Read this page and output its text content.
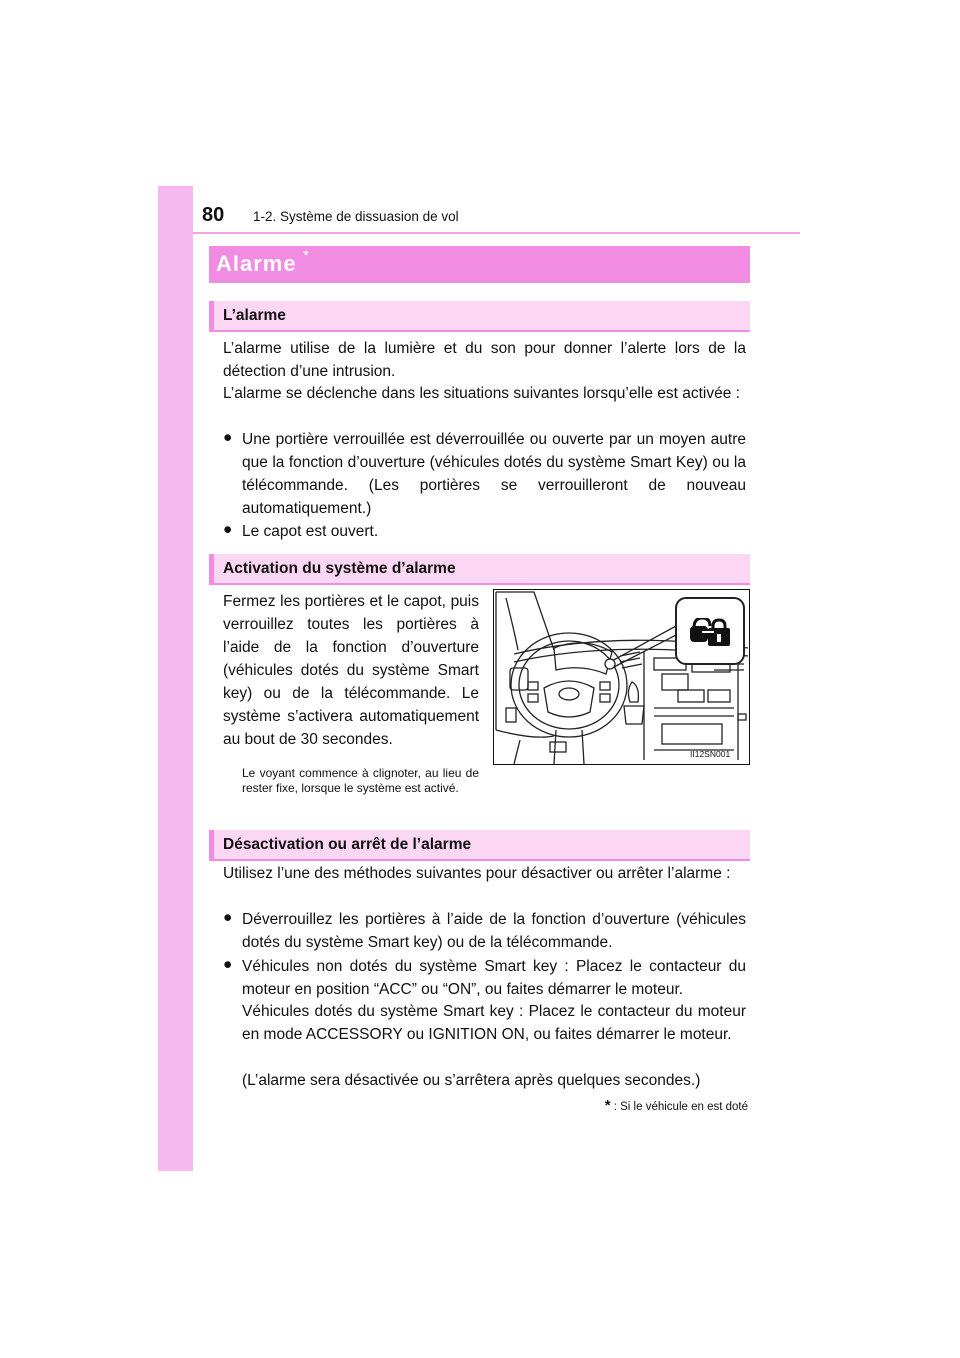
80 1-2. Système de dissuasion de vol
Alarme *
L’alarme

L’alarme utilise de la lumière et du son pour donner l’alerte lors de la détection d’une intrusion.

L’alarme se déclenche dans les situations suivantes lorsqu’elle est activée :

● Une portière verrouillée est déverrouillée ou ouverte par un moyen autre que la fonction d’ouverture (véhicules dotés du système Smart Key) ou la télécommande. (Les portières se verrouilleront de nouveau automatiquement.)

● Le capot est ouvert.

Activation du système d’alarme

Fermez les portières et le capot, puis verrouillez toutes les portières à l’aide de la fonction d’ouverture (véhicules dotés du système Smart key) ou de la télécommande. Le système s’activera automatiquement au bout de 30 secondes.

Le voyant commence à clignoter, au lieu de rester fixe, lorsque le système est activé.

II12SN001
Désactivation ou arrêt de l’alarme

Utilisez l’une des méthodes suivantes pour désactiver ou arrêter l’alarme :

● Déverrouillez les portières à l’aide de la fonction d’ouverture (véhicules dotés du système Smart key) ou de la télécommande.

● Véhicules non dotés du système Smart key : Placez le contacteur du moteur en position “ACC” ou “ON”, ou faites démarrer le moteur.

Véhicules dotés du système Smart key : Placez le contacteur du moteur en mode ACCESSORY ou IGNITION ON, ou faites démarrer le moteur.

(L’alarme sera désactivée ou s’arrêtera après quelques secondes.)

* : Si le véhicule en est doté
